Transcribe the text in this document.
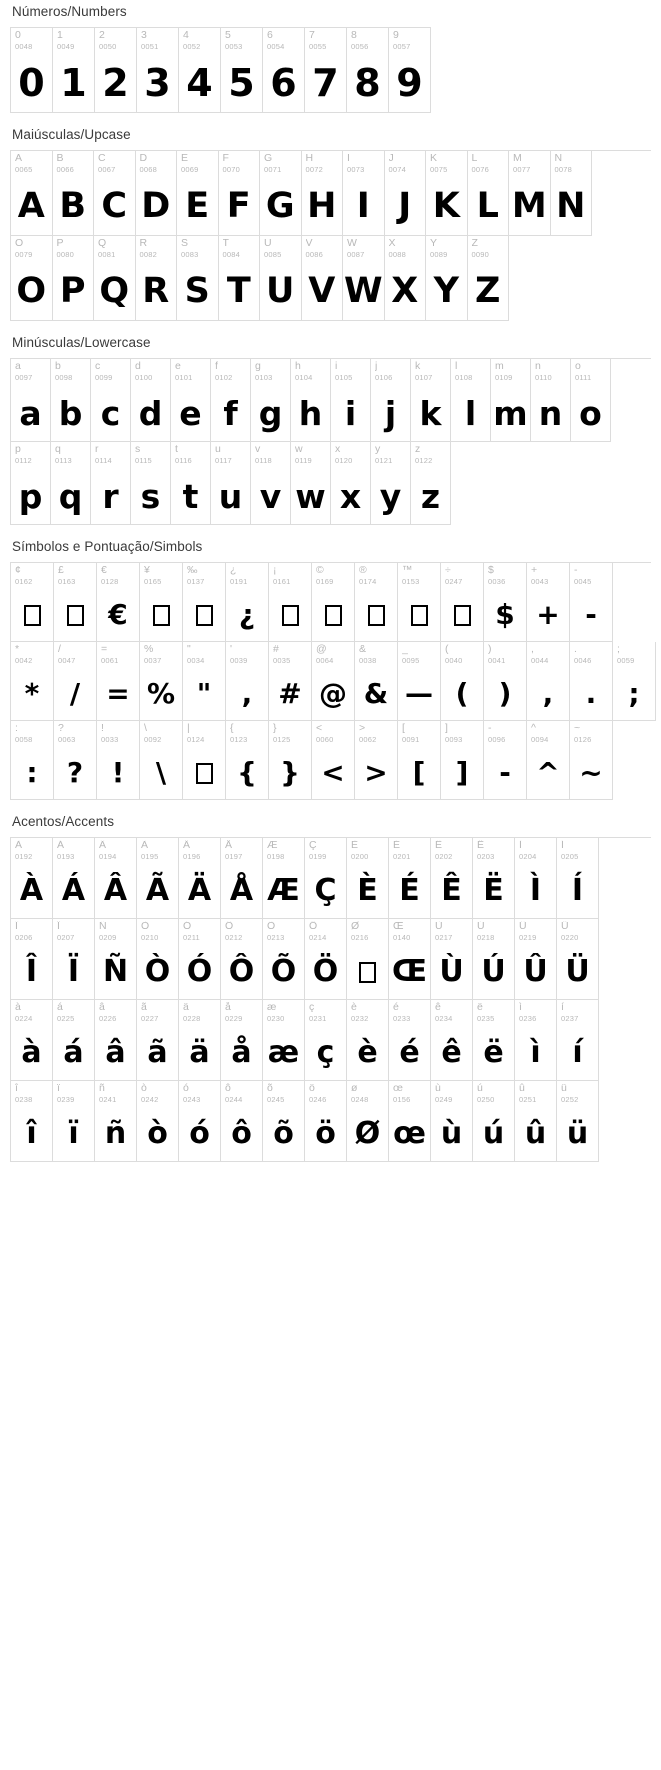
Números/Numbers
0
0048
0
1
0049
1
2
0050
2
3
0051
3
4
0052
4
5
0053
5
6
0054
6
7
0055
7
8
0056
8
9
0057
9
Maiúsculas/Upcase
A
0065
A
B
0066
B
C
0067
C
D
0068
D
E
0069
E
F
0070
F
G
0071
G
H
0072
H
I
0073
I
J
0074
J
K
0075
K
L
0076
L
M
0077
M
N
0078
N
O
0079
O
P
0080
P
Q
0081
Q
R
0082
R
S
0083
S
T
0084
T
U
0085
U
V
0086
V
W
0087
W
X
0088
X
Y
0089
Y
Z
0090
Z
Minúsculas/Lowercase
a
0097
a
b
0098
b
c
0099
c
d
0100
d
e
0101
e
f
0102
f
g
0103
g
h
0104
h
i
0105
i
j
0106
j
k
0107
k
l
0108
l
m
0109
m
n
0110
n
o
0111
o
p
0112
p
q
0113
q
r
0114
r
s
0115
s
t
0116
t
u
0117
u
v
0118
v
w
0119
w
x
0120
x
y
0121
y
z
0122
z
Símbolos e Pontuação/Simbols
¢
0162
£
0163
€
0128
€
¥
0165
‰
0137
¿
0191
¿
¡
0161
©
0169
®
0174
™
0153
÷
0247
$
0036
$
+
0043
+
-
0045
-
*
0042
*
/
0047
/
=
0061
=
%
0037
%
"
0034
"
'
0039
,
#
0035
#
@
0064
@
&
0038
&
_
0095
—
(
0040
(
)
0041
)
,
0044
,
.
0046
.
;
0059
;
:
0058
:
?
0063
?
!
0033
!
\
0092
\
|
0124
{
0123
{
}
0125
}
<
0060
<
>
0062
>
[
0091
[
]
0093
]
-
0096
-
^
0094
^
~
0126
~
Acentos/Accents
À
0192
À
Á
0193
Á
Â
0194
Â
Ã
0195
Ã
Ä
0196
Ä
Å
0197
Å
Æ
0198
Æ
Ç
0199
Ç
È
0200
È
É
0201
É
Ê
0202
Ê
Ë
0203
Ë
Ì
0204
Ì
Í
0205
Í
Î
0206
Î
Ï
0207
Ï
Ñ
0209
Ñ
Ò
0210
Ò
Ó
0211
Ó
Ô
0212
Ô
Õ
0213
Õ
Ö
0214
Ö
Ø
0216
Œ
0140
Œ
Ù
0217
Ù
Ú
0218
Ú
Û
0219
Û
Ü
0220
Ü
à
0224
à
á
0225
á
â
0226
â
ã
0227
ã
ä
0228
ä
å
0229
å
æ
0230
æ
ç
0231
ç
è
0232
è
é
0233
é
ê
0234
ê
ë
0235
ë
ì
0236
ì
í
0237
í
î
0238
î
ï
0239
ï
ñ
0241
ñ
ò
0242
ò
ó
0243
ó
ô
0244
ô
õ
0245
õ
ö
0246
ö
ø
0248
Ø
œ
0156
œ
ù
0249
ù
ú
0250
ú
û
0251
û
ü
0252
ü
